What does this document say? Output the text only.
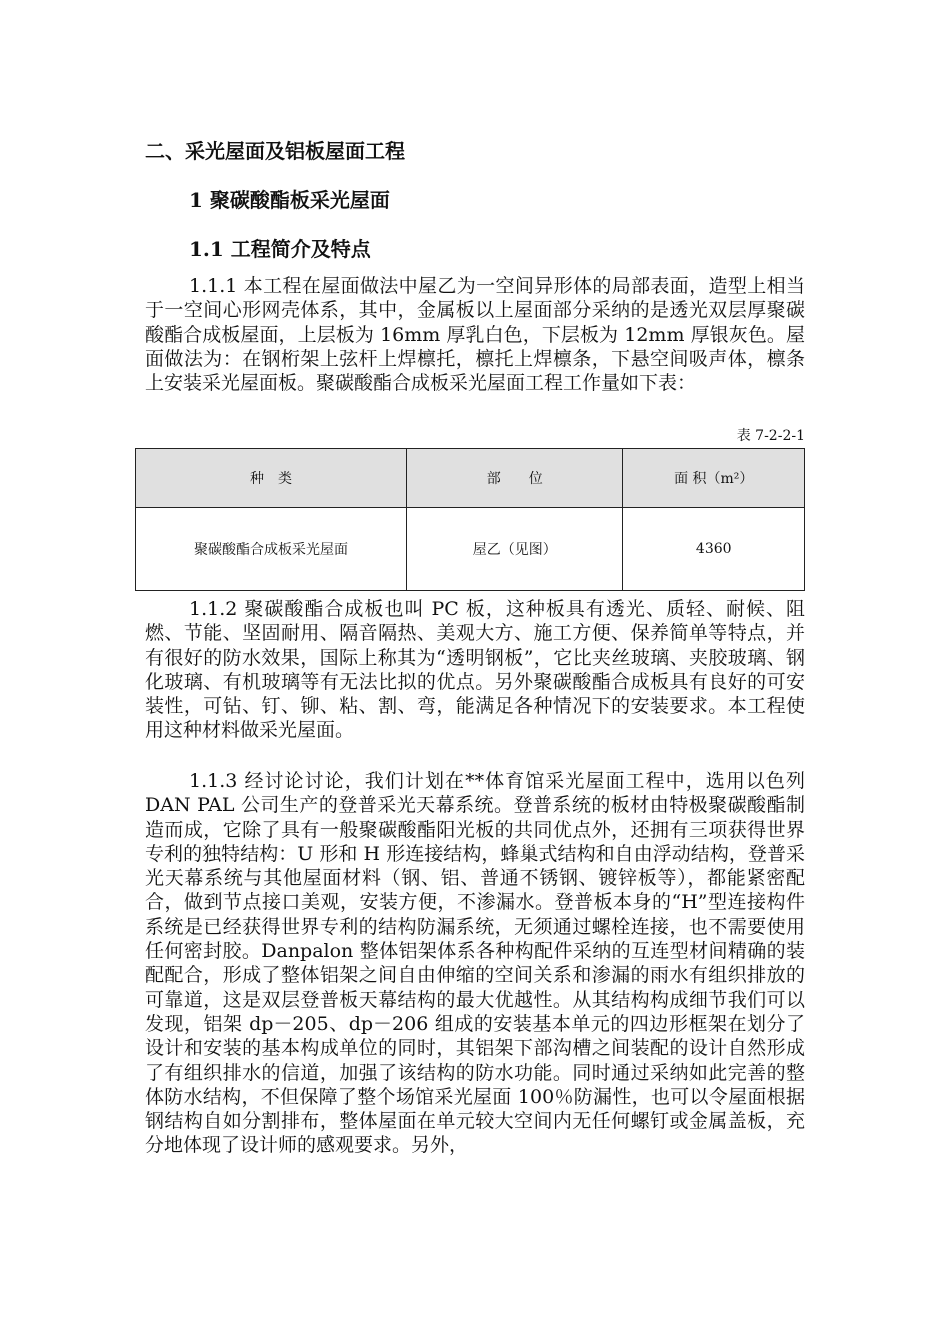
二、采光屋面及铝板屋面工程
1 聚碳酸酯板采光屋面
1.1 工程简介及特点

1.1.1 本工程在屋面做法中屋乙为一空间异形体的局部表面，造型上相当于一空间心形网壳体系，其中，金属板以上屋面部分采纳的是透光双层厚聚碳酸酯合成板屋面，上层板为 16mm 厚乳白色，下层板为 12mm 厚银灰色。屋面做法为：在钢桁架上弦杆上焊檩托，檩托上焊檩条，下悬空间吸声体，檩条上安装采光屋面板。聚碳酸酯合成板采光屋面工程工作量如下表：

表 7-2-2-1
种　类	部　　位	面 积（m²）
聚碳酸酯合成板采光屋面	屋乙（见图）	4360

1.1.2 聚碳酸酯合成板也叫 PC 板，这种板具有透光、质轻、耐候、阻燃、节能、坚固耐用、隔音隔热、美观大方、施工方便、保养简单等特点，并有很好的防水效果，国际上称其为“透明钢板”，它比夹丝玻璃、夹胶玻璃、钢化玻璃、有机玻璃等有无法比拟的优点。另外聚碳酸酯合成板具有良好的可安装性，可钻、钉、铆、粘、割、弯，能满足各种情况下的安装要求。本工程使用这种材料做采光屋面。

1.1.3 经讨论讨论，我们计划在**体育馆采光屋面工程中，选用以色列 DAN PAL 公司生产的登普采光天幕系统。登普系统的板材由特极聚碳酸酯制造而成，它除了具有一般聚碳酸酯阳光板的共同优点外，还拥有三项获得世界专利的独特结构：U 形和 H 形连接结构，蜂巢式结构和自由浮动结构，登普采光天幕系统与其他屋面材料（钢、铝、普通不锈钢、镀锌板等），都能紧密配合，做到节点接口美观，安装方便，不渗漏水。登普板本身的“H”型连接构件系统是已经获得世界专利的结构防漏系统，无须通过螺栓连接，也不需要使用任何密封胶。Danpalon 整体铝架体系各种构配件采纳的互连型材间精确的装配配合，形成了整体铝架之间自由伸缩的空间关系和渗漏的雨水有组织排放的可靠道，这是双层登普板天幕结构的最大优越性。从其结构构成细节我们可以发现，铝架 dp－205、dp－206 组成的安装基本单元的四边形框架在划分了设计和安装的基本构成单位的同时，其铝架下部沟槽之间装配的设计自然形成了有组织排水的信道，加强了该结构的防水功能。同时通过采纳如此完善的整体防水结构，不但保障了整个场馆采光屋面 100％防漏性，也可以令屋面根据钢结构自如分割排布，整体屋面在单元较大空间内无任何螺钉或金属盖板，充分地体现了设计师的感观要求。另外，
